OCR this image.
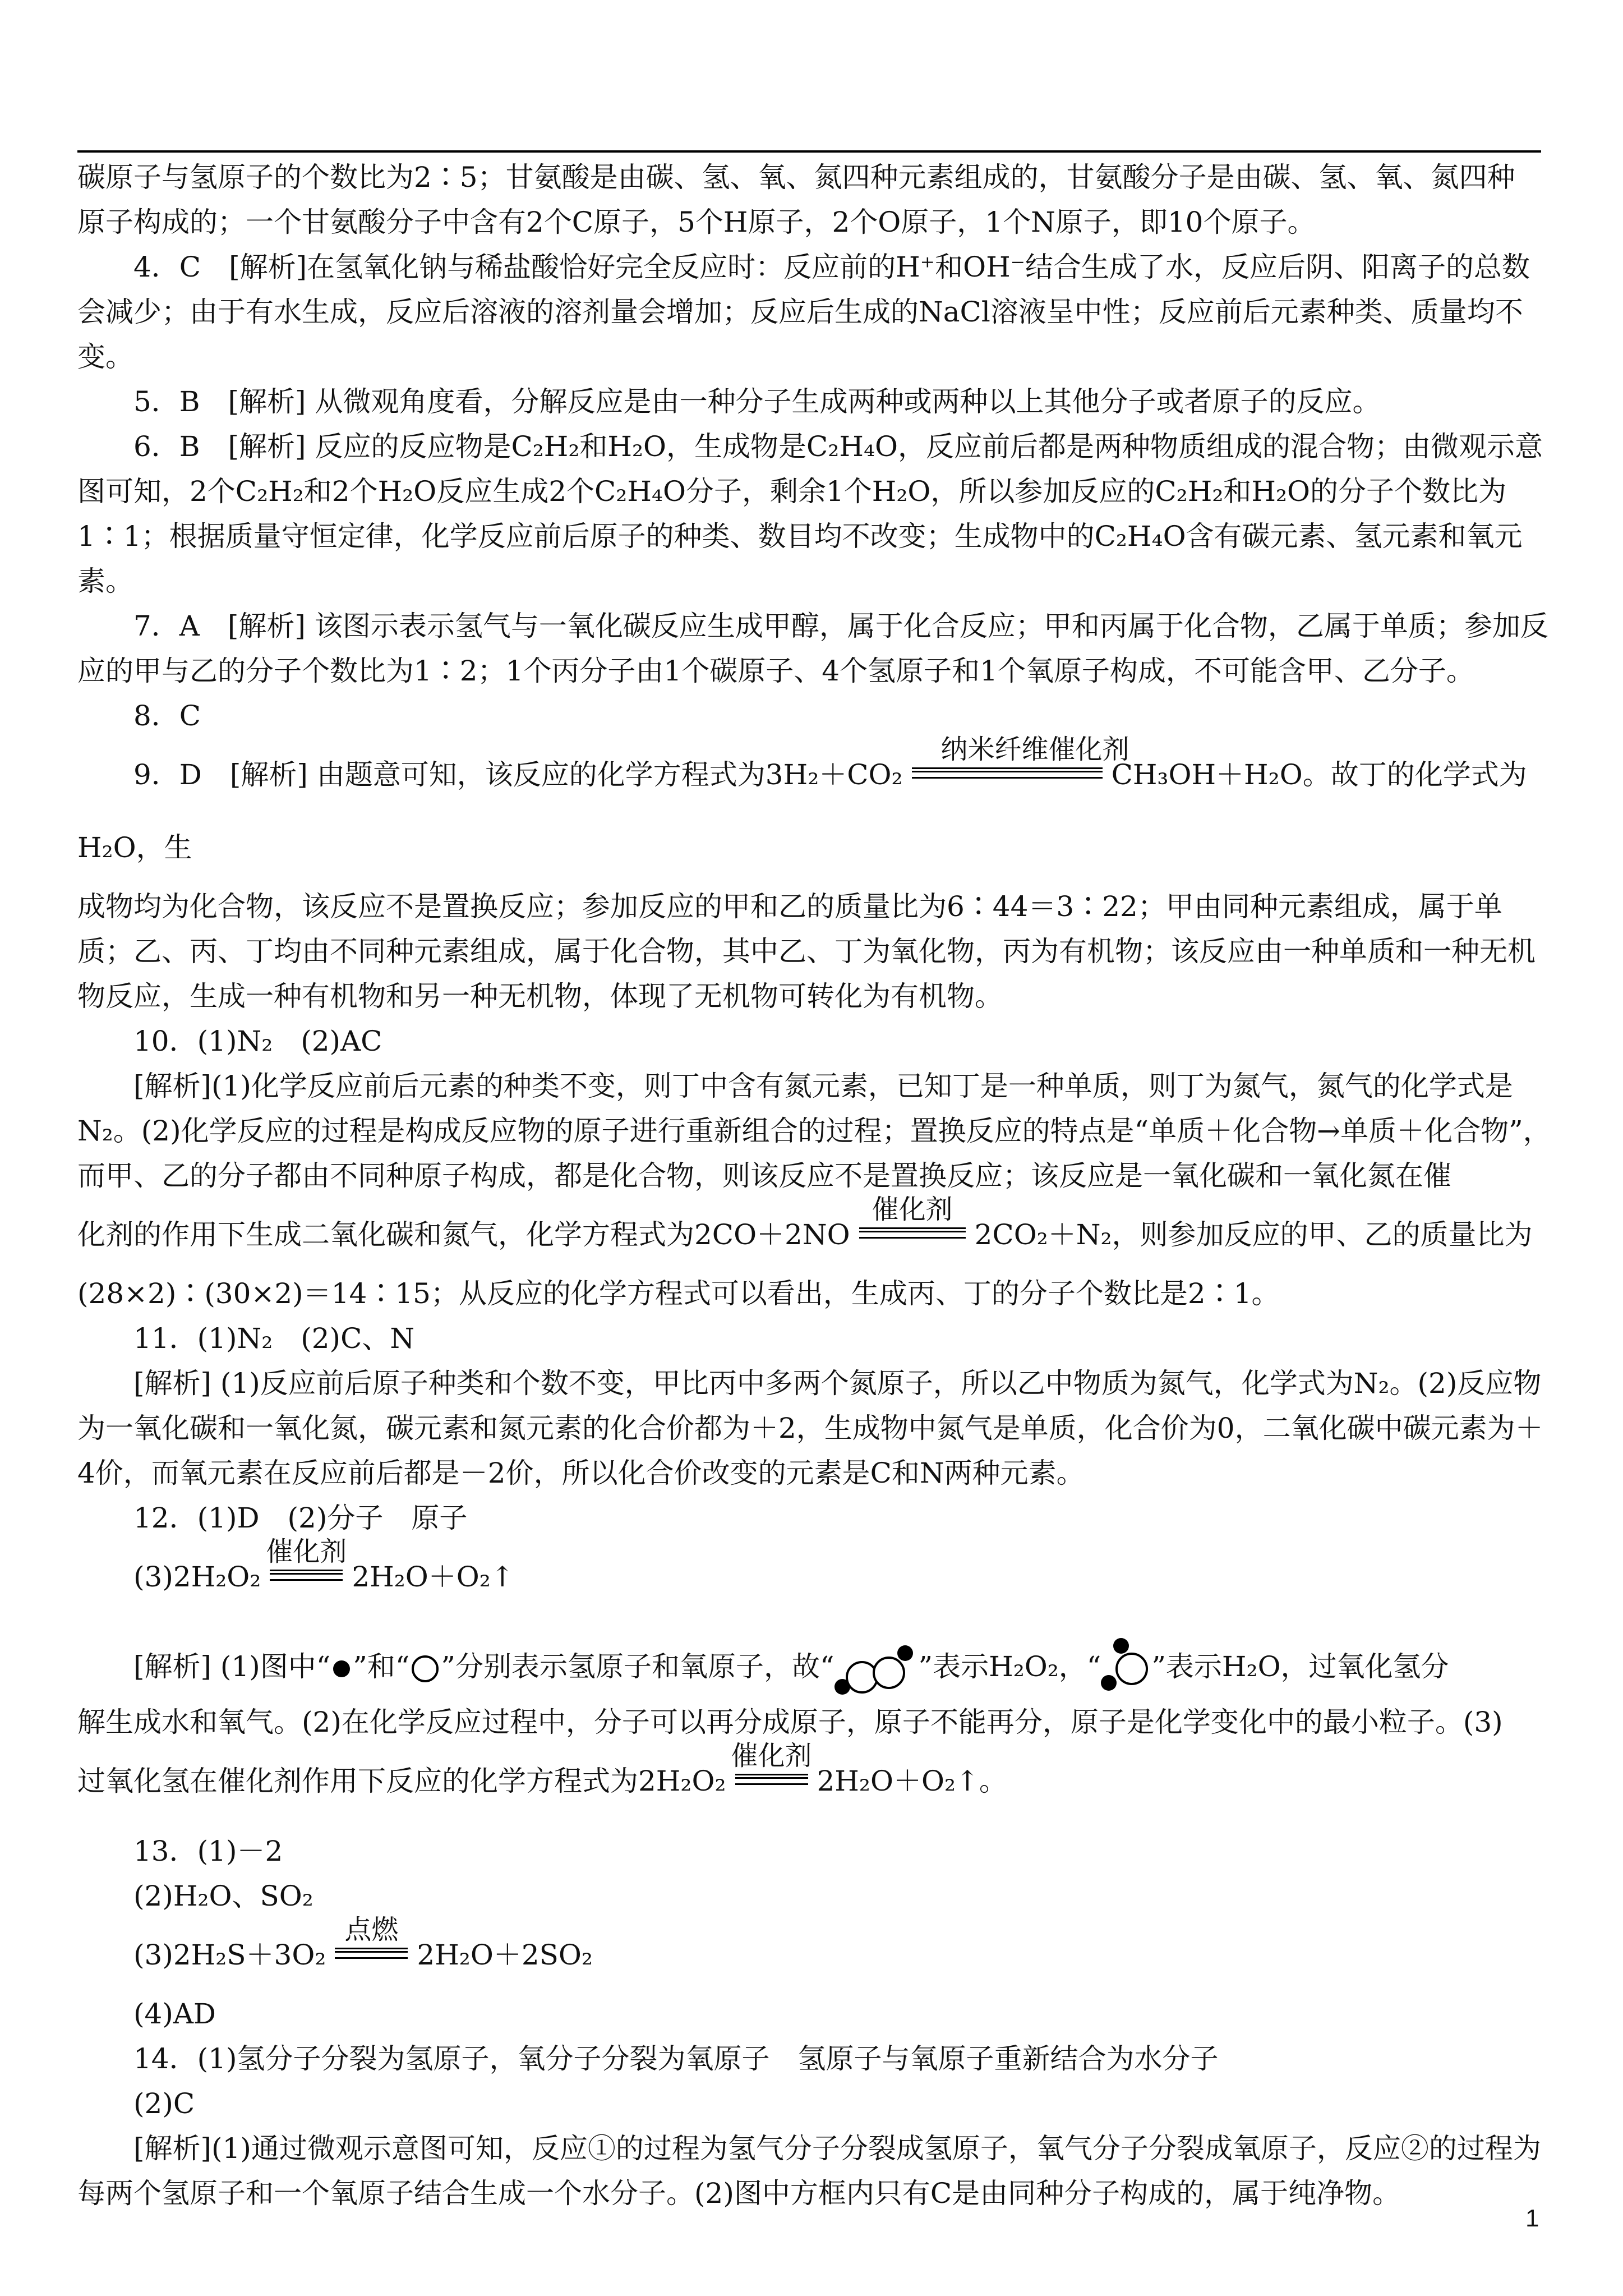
碳原子与氢原子的个数比为2∶5；甘氨酸是由碳、氢、氧、氮四种元素组成的，甘氨酸分子是由碳、氢、氧、氮四种

原子构成的；一个甘氨酸分子中含有2个C原子，5个H原子，2个O原子，1个N原子，即10个原子。

4．C　[解析]在氢氧化钠与稀盐酸恰好完全反应时：反应前的H⁺和OH⁻结合生成了水，反应后阴、阳离子的总数会减少；由于有水生成，反应后溶液的溶剂量会增加；反应后生成的NaCl溶液呈中性；反应前后元素种类、质量均不变。

5．B　[解析] 从微观角度看，分解反应是由一种分子生成两种或两种以上其他分子或者原子的反应。

6．B　[解析] 反应的反应物是C₂H₂和H₂O，生成物是C₂H₄O，反应前后都是两种物质组成的混合物；由微观示意图可知，2个C₂H₂和2个H₂O反应生成2个C₂H₄O分子，剩余1个H₂O，所以参加反应的C₂H₂和H₂O的分子个数比为1∶1；根据质量守恒定律，化学反应前后原子的种类、数目均不改变；生成物中的C₂H₄O含有碳元素、氢元素和氧元素。

7．A　[解析] 该图示表示氢气与一氧化碳反应生成甲醇，属于化合反应；甲和丙属于化合物，乙属于单质；参加反应的甲与乙的分子个数比为1∶2；1个丙分子由1个碳原子、4个氢原子和1个氧原子构成，不可能含甲、乙分子。

8．C

9．D　[解析] 由题意可知，该反应的化学方程式为3H₂＋CO₂
纳米纤维催化剂
CH₃OH＋H₂O。故丁的化学式为H₂O，生

成物均为化合物，该反应不是置换反应；参加反应的甲和乙的质量比为6∶44＝3∶22；甲由同种元素组成，属于单质；乙、丙、丁均由不同种元素组成，属于化合物，其中乙、丁为氧化物，丙为有机物；该反应由一种单质和一种无机物反应，生成一种有机物和另一种无机物，体现了无机物可转化为有机物。

10．(1)N₂　(2)AC

[解析](1)化学反应前后元素的种类不变，则丁中含有氮元素，已知丁是一种单质，则丁为氮气，氮气的化学式是N₂。(2)化学反应的过程是构成反应物的原子进行重新组合的过程；置换反应的特点是“单质＋化合物→单质＋化合物”，而甲、乙的分子都由不同种原子构成，都是化合物，则该反应不是置换反应；该反应是一氧化碳和一氧化氮在催

化剂的作用下生成二氧化碳和氮气，化学方程式为2CO＋2NO
催化剂
2CO₂＋N₂，则参加反应的甲、乙的质量比为

(28×2)∶(30×2)＝14∶15；从反应的化学方程式可以看出，生成丙、丁的分子个数比是2∶1。

11．(1)N₂　(2)C、N

[解析] (1)反应前后原子种类和个数不变，甲比丙中多两个氮原子，所以乙中物质为氮气，化学式为N₂。(2)反应物为一氧化碳和一氧化氮，碳元素和氮元素的化合价都为＋2，生成物中氮气是单质，化合价为0，二氧化碳中碳元素为＋4价，而氧元素在反应前后都是－2价，所以化合价改变的元素是C和N两种元素。

12．(1)D　(2)分子　原子

(3)2H₂O₂
催化剂
2H₂O＋O₂↑

[解析] (1)图中“ ”和“ ”分别表示氢原子和氧原子，故“	”表示H₂O₂，“ ”表示H₂O，过氧化氢分

解生成水和氧气。(2)在化学反应过程中，分子可以再分成原子，原子不能再分，原子是化学变化中的最小粒子。(3)

过氧化氢在催化剂作用下反应的化学方程式为2H₂O₂
催化剂
2H₂O＋O₂↑。

13．(1)－2

(2)H₂O、SO₂

(3)2H₂S＋3O₂
点燃
2H₂O＋2SO₂

(4)AD

14．(1)氢分子分裂为氢原子，氧分子分裂为氧原子　氢原子与氧原子重新结合为水分子

(2)C

[解析](1)通过微观示意图可知，反应①的过程为氢气分子分裂成氢原子，氧气分子分裂成氧原子，反应②的过程为每两个氢原子和一个氧原子结合生成一个水分子。(2)图中方框内只有C是由同种分子构成的，属于纯净物。

1
